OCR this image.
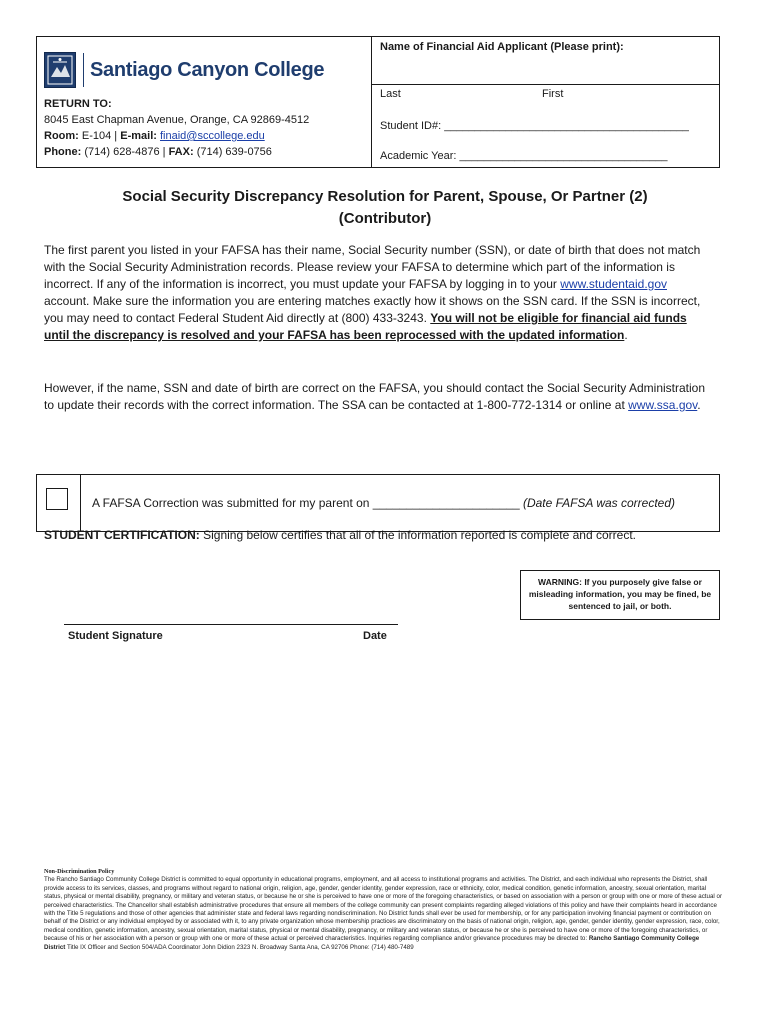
Santiago Canyon College
RETURN TO:
8045 East Chapman Avenue, Orange, CA 92869-4512
Room: E-104 | E-mail: finaid@sccollege.edu
Phone: (714) 628-4876 | FAX: (714) 639-0756
Name of Financial Aid Applicant (Please print):
Last	First
Student ID#: ________________________________________
Academic Year: __________________________________
Social Security Discrepancy Resolution for Parent, Spouse, Or Partner (2)
(Contributor)
The first parent you listed in your FAFSA has their name, Social Security number (SSN), or date of birth that does not match with the Social Security Administration records. Please review your FAFSA to determine which part of the information is incorrect. If any of the information is incorrect, you must update your FAFSA by logging in to your www.studentaid.gov account. Make sure the information you are entering matches exactly how it shows on the SSN card. If the SSN is incorrect, you may need to contact Federal Student Aid directly at (800) 433-3243. You will not be eligible for financial aid funds until the discrepancy is resolved and your FAFSA has been reprocessed with the updated information.
However, if the name, SSN and date of birth are correct on the FAFSA, you should contact the Social Security Administration to update their records with the correct information. The SSA can be contacted at 1-800-772-1314 or online at www.ssa.gov.
A FAFSA Correction was submitted for my parent on ______________________ (Date FAFSA was corrected)
STUDENT CERTIFICATION: Signing below certifies that all of the information reported is complete and correct.
WARNING: If you purposely give false or
misleading information, you may be fined, be
sentenced to jail, or both.
Student Signature	Date
Non-Discrimination Policy
The Rancho Santiago Community College District is committed to equal opportunity in educational programs, employment, and all access to institutional programs and activities. The District, and each individual who represents the District, shall provide access to its services, classes, and programs without regard to national origin, religion, age, gender, gender identity, gender expression, race or ethnicity, color, medical condition, genetic information, ancestry, sexual orientation, marital status, physical or mental disability, pregnancy, or military and veteran status, or because he or she is perceived to have one or more of the foregoing characteristics, or based on association with a person or group with one or more of these actual or perceived characteristics. The Chancellor shall establish administrative procedures that ensure all members of the college community can present complaints regarding alleged violations of this policy and have their complaints heard in accordance with the Title 5 regulations and those of other agencies that administer state and federal laws regarding nondiscrimination. No District funds shall ever be used for membership, or for any participation involving financial payment or contribution on behalf of the District or any individual employed by or associated with it, to any private organization whose membership practices are discriminatory on the basis of national origin, religion, age, gender, gender identity, gender expression, race, color, medical condition, genetic information, ancestry, sexual orientation, marital status, physical or mental disability, pregnancy, or military and veteran status, or because he or she is perceived to have one or more of the foregoing characteristics, or because of his or her association with a person or group with one or more of these actual or perceived characteristics. Inquiries regarding compliance and/or grievance procedures may be directed to: Rancho Santiago Community College District Title IX Officer and Section 504/ADA Coordinator John Didion 2323 N. Broadway Santa Ana, CA 92706 Phone: (714) 480-7489
